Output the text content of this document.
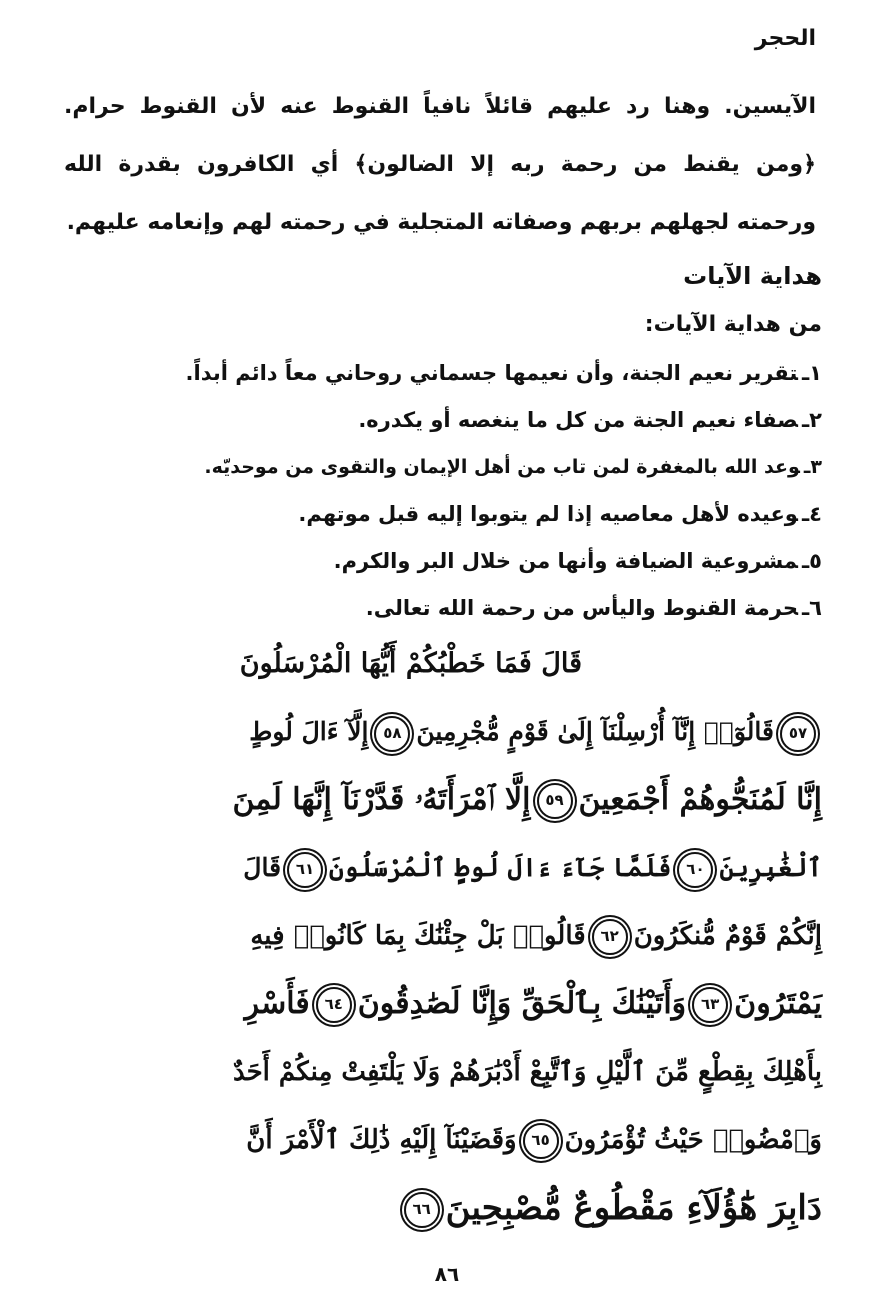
الحجر

الآيسين. وهنا رد عليهم قائلاً نافياً القنوط عنه لأن القنوط حرام. ﴿ومن يقنط من رحمة ربه إلا الضالون﴾ أي الكافرون بقدرة الله ورحمته لجهلهم بربهم وصفاته المتجلية في رحمته لهم وإنعامه عليهم.

هداية الآيات

من هداية الآيات:

١ـتقرير نعيم الجنة، وأن نعيمها جسماني روحاني معاً دائم أبداً.
٢ـصفاء نعيم الجنة من كل ما ينغصه أو يكدره.
٣ـوعد الله بالمغفرة لمن تاب من أهل الإيمان والتقوى من موحديّه.
٤ـوعيده لأهل معاصيه إذا لم يتوبوا إليه قبل موتهم.
٥ـمشروعية الضيافة وأنها من خلال البر والكرم.
٦ـحرمة القنوط واليأس من رحمة الله تعالى.
قَالَ فَمَا خَطْبُكُمْ أَيُّهَا الْمُرْسَلُونَ
٥٧قَالُوٓا۟ إِنَّآ أُرْسِلْنَآ إِلَىٰ قَوْمٍ مُّجْرِمِينَ٥٨إِلَّآ ءَالَ لُوطٍ
إِنَّا لَمُنَجُّوهُمْ أَجْمَعِينَ٥٩إِلَّا ٱمْرَأَتَهُۥ قَدَّرْنَآ إِنَّهَا لَمِنَ
ٱلْغَٰبِرِينَ٦٠فَلَمَّا جَآءَ ءَالَ لُوطٍ ٱلْمُرْسَلُونَ٦١قَالَ
إِنَّكُمْ قَوْمٌ مُّنكَرُونَ٦٢قَالُوا۟ بَلْ جِئْنَٰكَ بِمَا كَانُوا۟ فِيهِ
يَمْتَرُونَ٦٣وَأَتَيْنَٰكَ بِٱلْحَقِّ وَإِنَّا لَصَٰدِقُونَ٦٤فَأَسْرِ
بِأَهْلِكَ بِقِطْعٍ مِّنَ ٱلَّيْلِ وَٱتَّبِعْ أَدْبَٰرَهُمْ وَلَا يَلْتَفِتْ مِنكُمْ أَحَدٌ
وَٱمْضُوا۟ حَيْثُ تُؤْمَرُونَ٦٥وَقَضَيْنَآ إِلَيْهِ ذَٰلِكَ ٱلْأَمْرَ أَنَّ
دَابِرَ هَٰٓؤُلَآءِ مَقْطُوعٌ مُّصْبِحِينَ٦٦
٨٦
